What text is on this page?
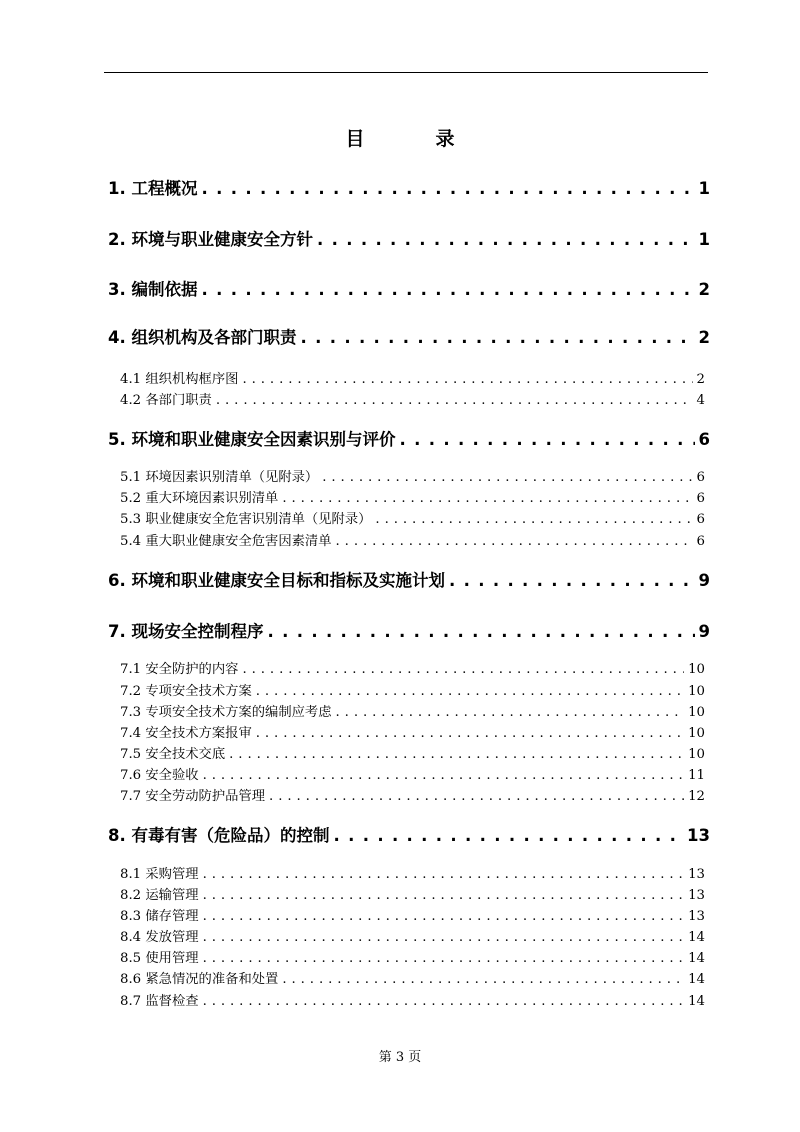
目　录
1. 工程概况 . . .	1
2. 环境与职业健康安全方针 . . .	1
3. 编制依据 . . .	2
4. 组织机构及各部门职责 . . .	2
4.1 组织机构框序图 . . .	2
4.2 各部门职责 . . .	4
5. 环境和职业健康安全因素识别与评价 . . .	6
5.1 环境因素识别清单（见附录） . . .	6
5.2 重大环境因素识别清单 . . .	6
5.3 职业健康安全危害识别清单（见附录） . . .	6
5.4 重大职业健康安全危害因素清单 . . .	6
6. 环境和职业健康安全目标和指标及实施计划 . . .	9
7. 现场安全控制程序 . . .	9
7.1 安全防护的内容 . . .	10
7.2 专项安全技术方案 . . .	10
7.3 专项安全技术方案的编制应考虑 . . .	10
7.4 安全技术方案报审 . . .	10
7.5 安全技术交底 . . .	10
7.6 安全验收 . . .	11
7.7 安全劳动防护品管理 . . .	12
8. 有毒有害（危险品）的控制 . . .	13
8.1 采购管理 . . .	13
8.2 运输管理 . . .	13
8.3 储存管理 . . .	13
8.4 发放管理 . . .	14
8.5 使用管理 . . .	14
8.6 紧急情况的准备和处置 . . .	14
8.7 监督检查 . . .	14
第 3 页
